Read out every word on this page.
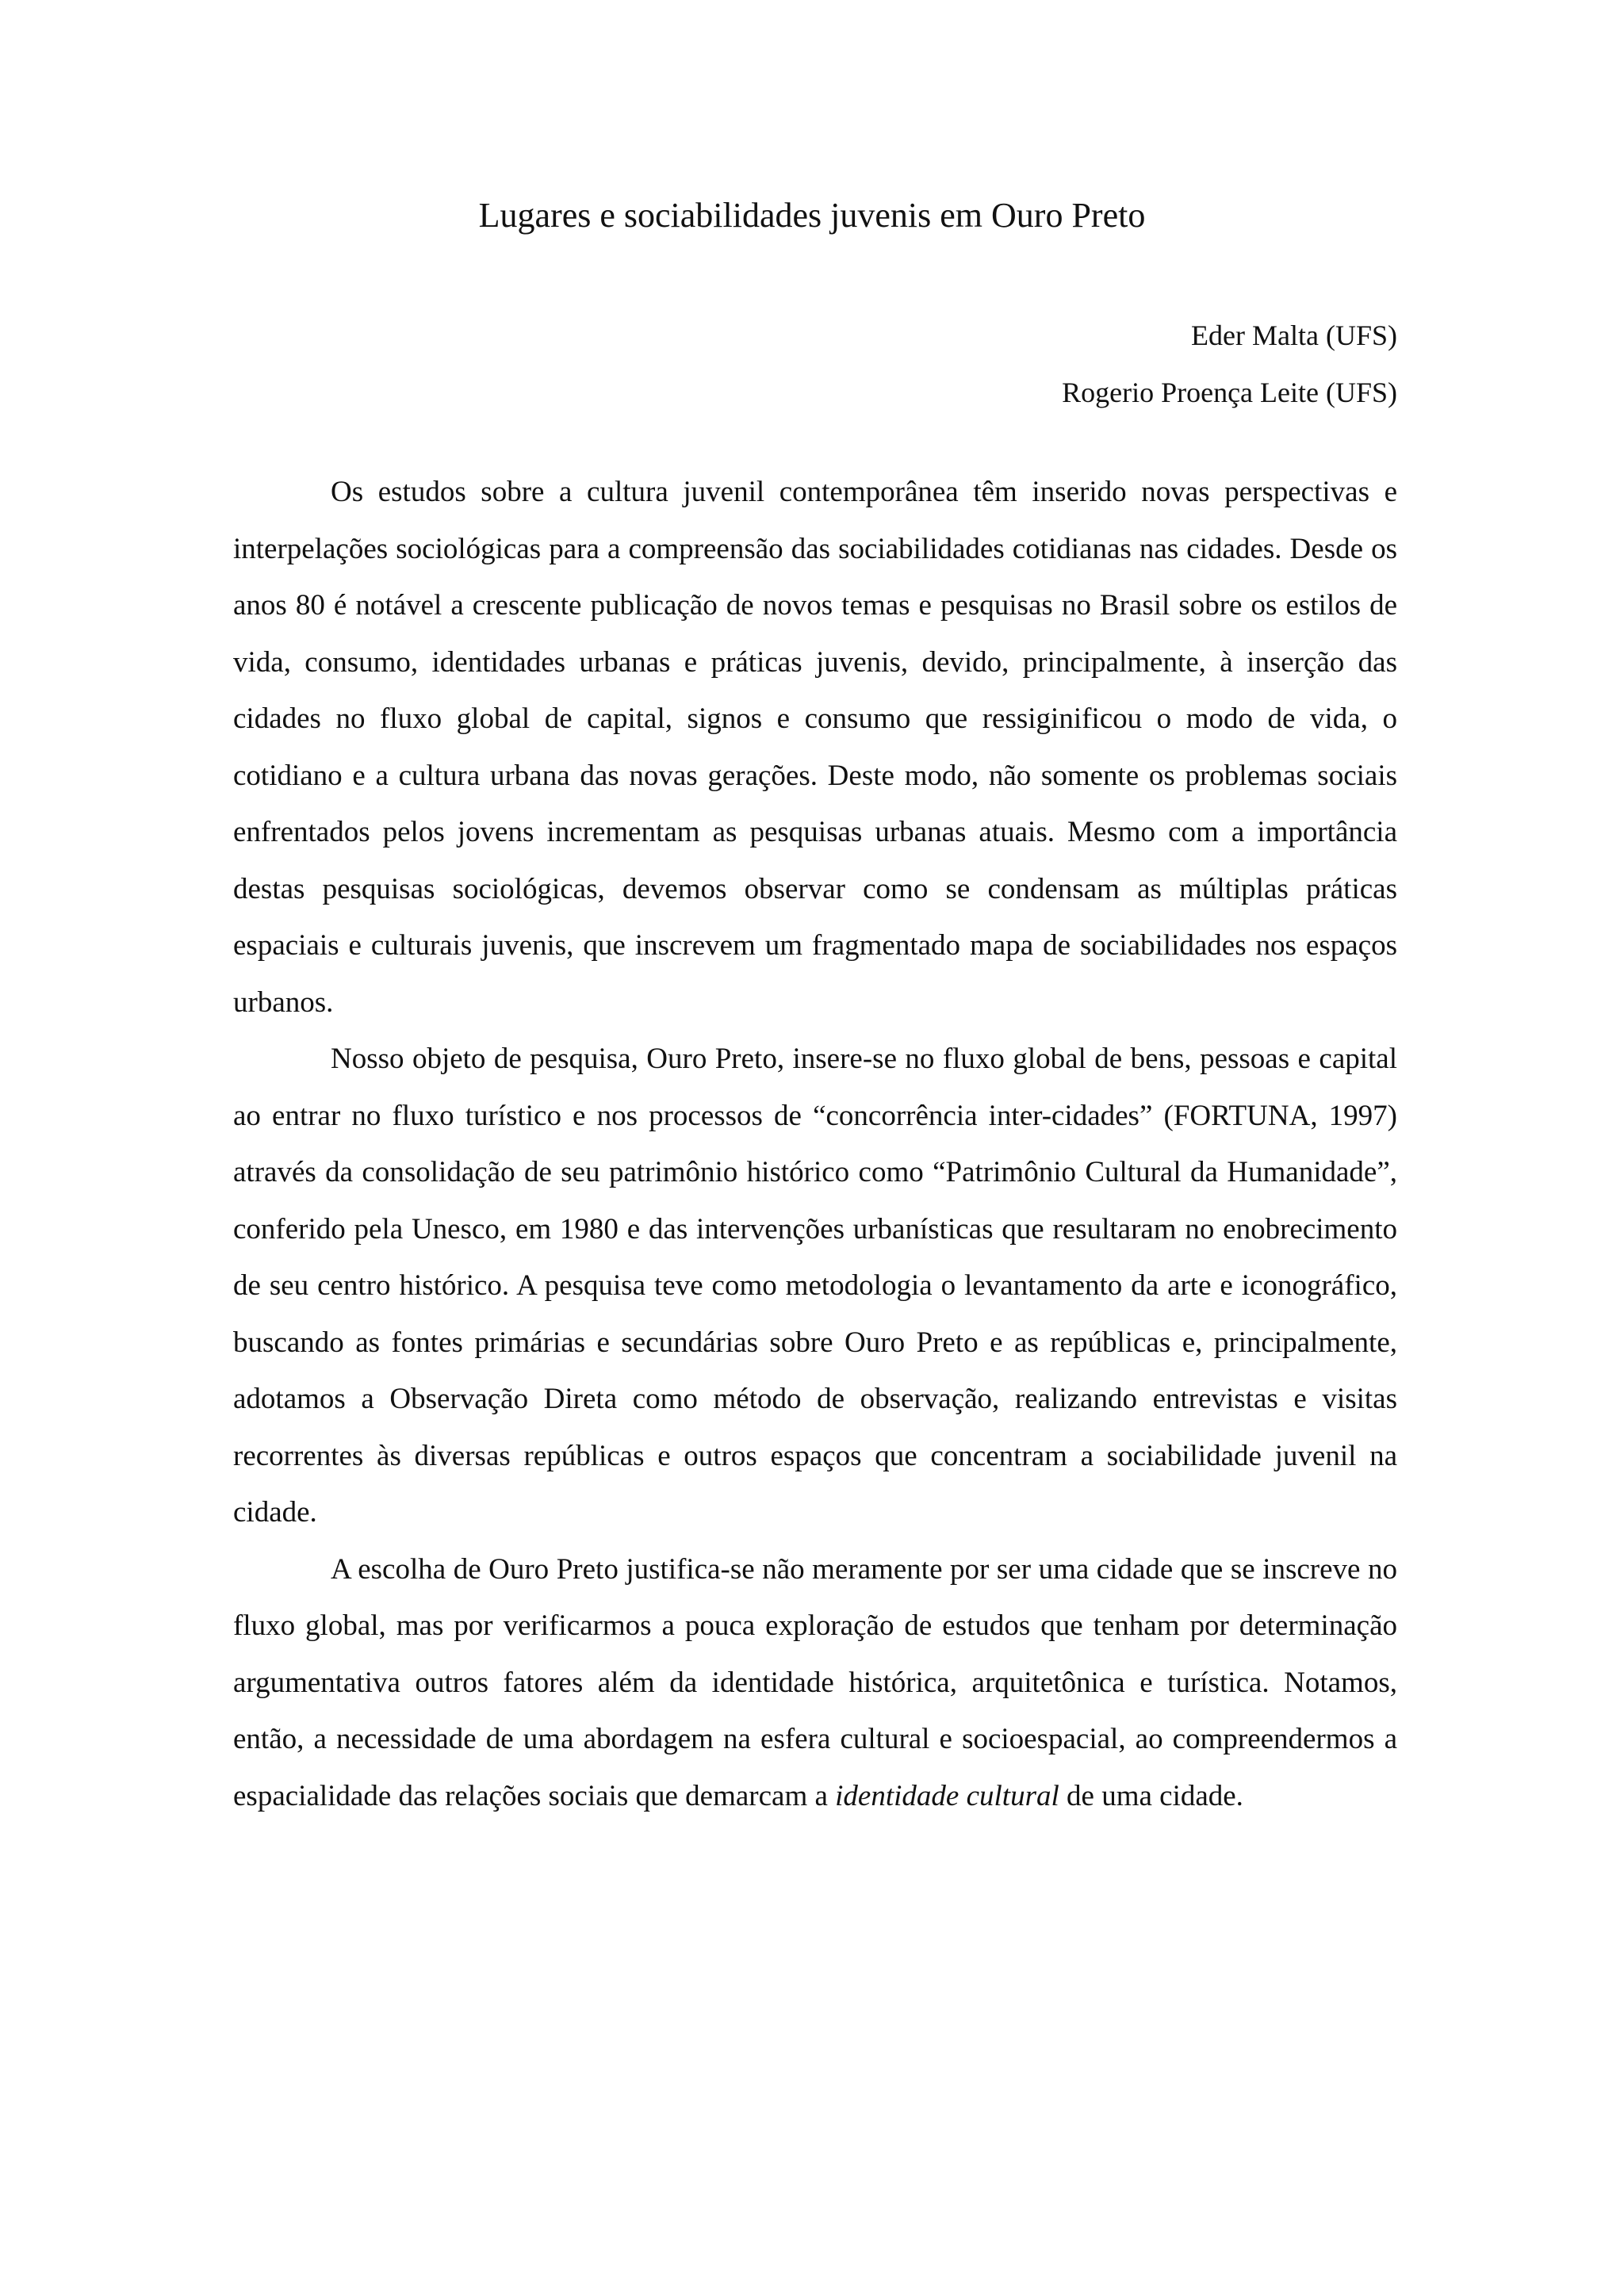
Lugares e sociabilidades juvenis em Ouro Preto
Eder Malta (UFS)
Rogerio Proença Leite (UFS)

Os estudos sobre a cultura juvenil contemporânea têm inserido novas perspectivas e interpelações sociológicas para a compreensão das sociabilidades cotidianas nas cidades. Desde os anos 80 é notável a crescente publicação de novos temas e pesquisas no Brasil sobre os estilos de vida, consumo, identidades urbanas e práticas juvenis, devido, principalmente, à inserção das cidades no fluxo global de capital, signos e consumo que ressiginificou o modo de vida, o cotidiano e a cultura urbana das novas gerações. Deste modo, não somente os problemas sociais enfrentados pelos jovens incrementam as pesquisas urbanas atuais. Mesmo com a importância destas pesquisas sociológicas, devemos observar como se condensam as múltiplas práticas espaciais e culturais juvenis, que inscrevem um fragmentado mapa de sociabilidades nos espaços urbanos.

Nosso objeto de pesquisa, Ouro Preto, insere-se no fluxo global de bens, pessoas e capital ao entrar no fluxo turístico e nos processos de “concorrência inter-cidades” (FORTUNA, 1997) através da consolidação de seu patrimônio histórico como “Patrimônio Cultural da Humanidade”, conferido pela Unesco, em 1980 e das intervenções urbanísticas que resultaram no enobrecimento de seu centro histórico. A pesquisa teve como metodologia o levantamento da arte e iconográfico, buscando as fontes primárias e secundárias sobre Ouro Preto e as repúblicas e, principalmente, adotamos a Observação Direta como método de observação, realizando entrevistas e visitas recorrentes às diversas repúblicas e outros espaços que concentram a sociabilidade juvenil na cidade.

A escolha de Ouro Preto justifica-se não meramente por ser uma cidade que se inscreve no fluxo global, mas por verificarmos a pouca exploração de estudos que tenham por determinação argumentativa outros fatores além da identidade histórica, arquitetônica e turística. Notamos, então, a necessidade de uma abordagem na esfera cultural e socioespacial, ao compreendermos a espacialidade das relações sociais que demarcam a identidade cultural de uma cidade.
